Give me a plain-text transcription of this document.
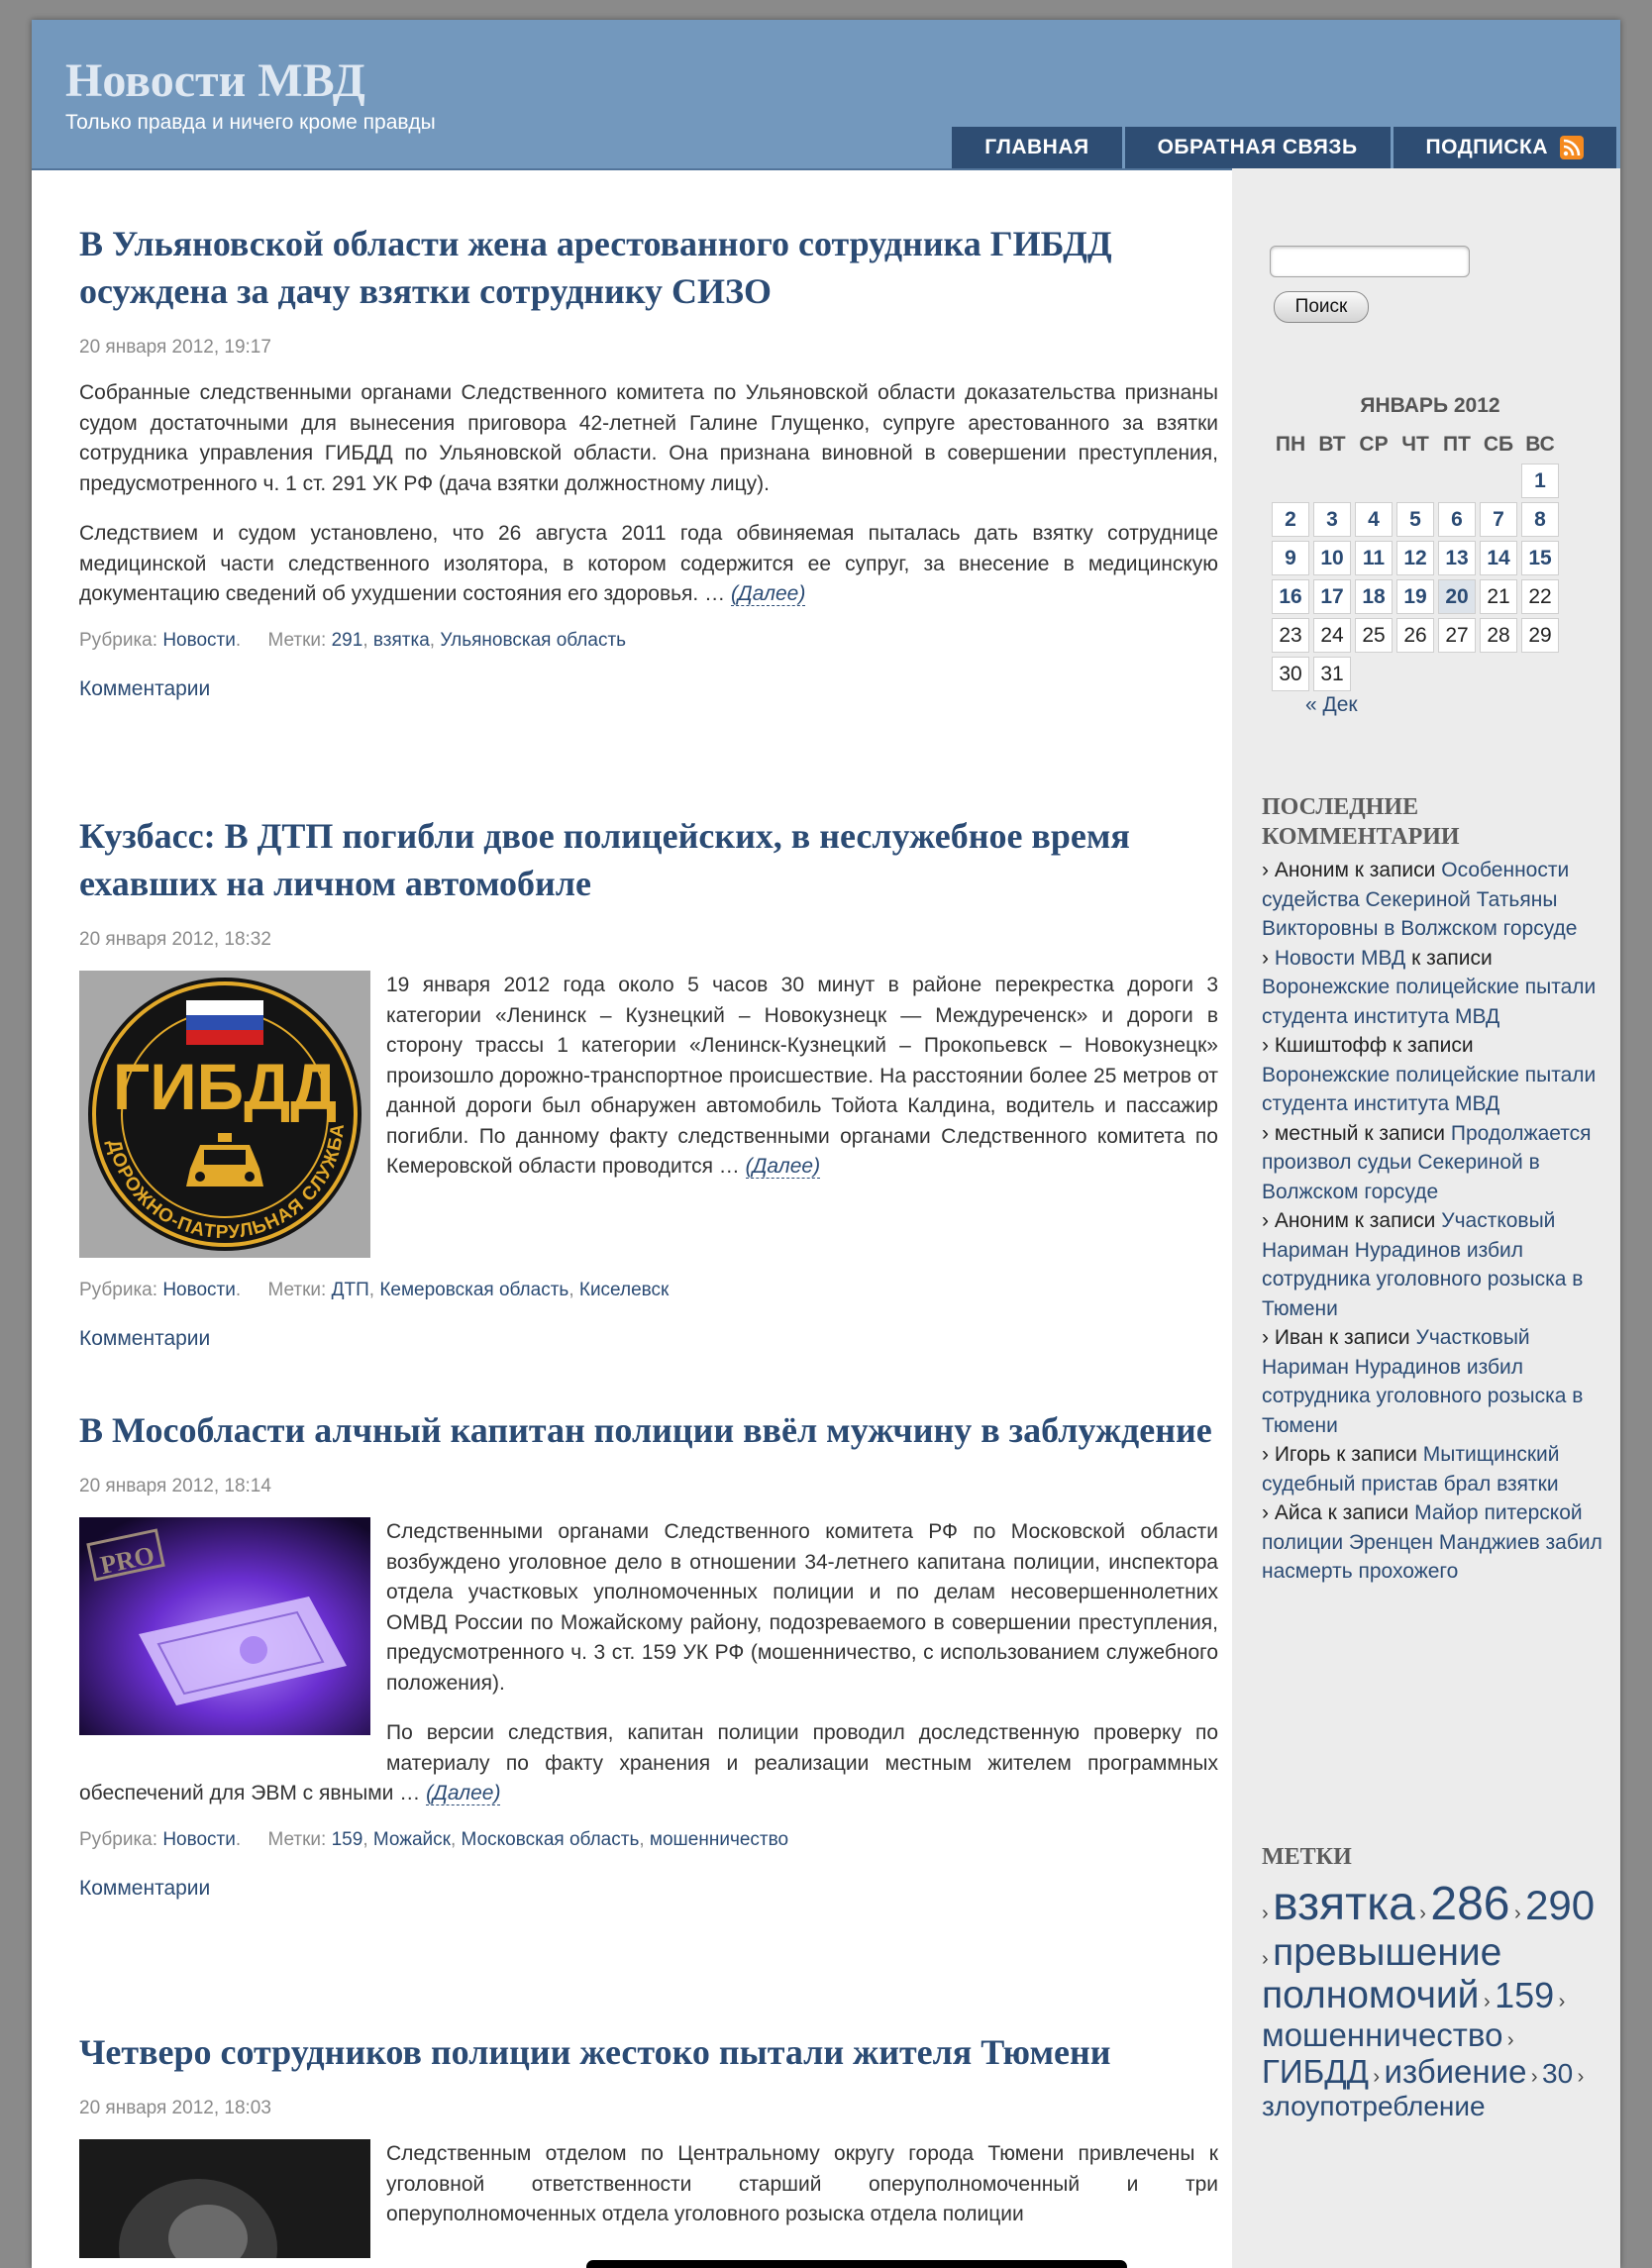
Новости МВД
Только правда и ничего кроме правды
ГЛАВНАЯ	ОБРАТНАЯ СВЯЗЬ	ПОДПИСКА
В Ульяновской области жена арестованного сотрудника ГИБДД осуждена за дачу взятки сотруднику СИЗО
20 января 2012, 19:17

Собранные следственными органами Следственного комитета по Ульяновской области доказательства признаны судом достаточными для вынесения приговора 42-летней Галине Глущенко, супруге арестованного за взятки сотрудника управления ГИБДД по Ульяновской области. Она признана виновной в совершении преступления, предусмотренного ч. 1 ст. 291 УК РФ (дача взятки должностному лицу).

Следствием и судом установлено, что 26 августа 2011 года обвиняемая пыталась дать взятку сотруднице медицинской части следственного изолятора, в котором содержится ее супруг, за внесение в медицинскую документацию сведений об ухудшении состояния его здоровья. … (Далее)

Рубрика: Новости. Метки: 291, взятка, Ульяновская область
Комментарии
Кузбасс: В ДТП погибли двое полицейских, в неслужебное время ехавших на личном автомобиле
20 января 2012, 18:32
ГИБДД
ДОРОЖНО-ПАТРУЛЬНАЯ СЛУЖБА

19 января 2012 года около 5 часов 30 минут в районе перекрестка дороги 3 категории «Ленинск – Кузнецкий – Новокузнецк — Междуреченск» и дороги в сторону трассы 1 категории «Ленинск-Кузнецкий – Прокопьевск – Новокузнецк» произошло дорожно-транспортное происшествие. На расстоянии более 25 метров от данной дороги был обнаружен автомобиль Тойота Калдина, водитель и пассажир погибли. По данному факту следственными органами Следственного комитета по Кемеровской области проводится … (Далее)

Рубрика: Новости. Метки: ДТП, Кемеровская область, Киселевск
Комментарии
В Мособласти алчный капитан полиции ввёл мужчину в заблуждение
20 января 2012, 18:14
PRO

Следственными органами Следственного комитета РФ по Московской области возбуждено уголовное дело в отношении 34-летнего капитана полиции, инспектора отдела участковых уполномоченных полиции и по делам несовершеннолетних ОМВД России по Можайскому району, подозреваемого в совершении преступления, предусмотренного ч. 3 ст. 159 УК РФ (мошенничество, с использованием служебного положения).

По версии следствия, капитан полиции проводил доследственную проверку по материалу по факту хранения и реализации местным жителем программных обеспечений для ЭВМ с явными … (Далее)

Рубрика: Новости. Метки: 159, Можайск, Московская область, мошенничество
Комментарии
Четверо сотрудников полиции жестоко пытали жителя Тюмени
20 января 2012, 18:03

Следственным отделом по Центральному округу города Тюмени привлечены к уголовной ответственности старший оперуполномоченный и три оперуполномоченных отдела уголовного розыска отдела полиции

Поиск
ЯНВАРЬ 2012
ПН	ВТ	СР	ЧТ	ПТ	СБ	ВС
						1
2	3	4	5	6	7	8
9	10	11	12	13	14	15
16	17	18	19	20	21	22
23	24	25	26	27	28	29
30	31					
« Дек
ПОСЛЕДНИЕ КОММЕНТАРИИ
› Аноним к записи Особенности судейства Секериной Татьяны Викторовны в Волжском горсуде
› Новости МВД к записи Воронежские полицейские пытали студента института МВД
› Кшиштофф к записи Воронежские полицейские пытали студента института МВД
› местный к записи Продолжается произвол судьи Секериной в Волжском горсуде
› Аноним к записи Участковый Нариман Нурадинов избил сотрудника уголовного розыска в Тюмени
› Иван к записи Участковый Нариман Нурадинов избил сотрудника уголовного розыска в Тюмени
› Игорь к записи Мытищинский судебный пристав брал взятки
› Айса к записи Майор питерской полиции Эренцен Манджиев забил насмерть прохожего
МЕТКИ
› взятка › 286 › 290 › превышение полномочий › 159 › мошенничество › ГИБДД › избиение › 30 › злоупотребление
